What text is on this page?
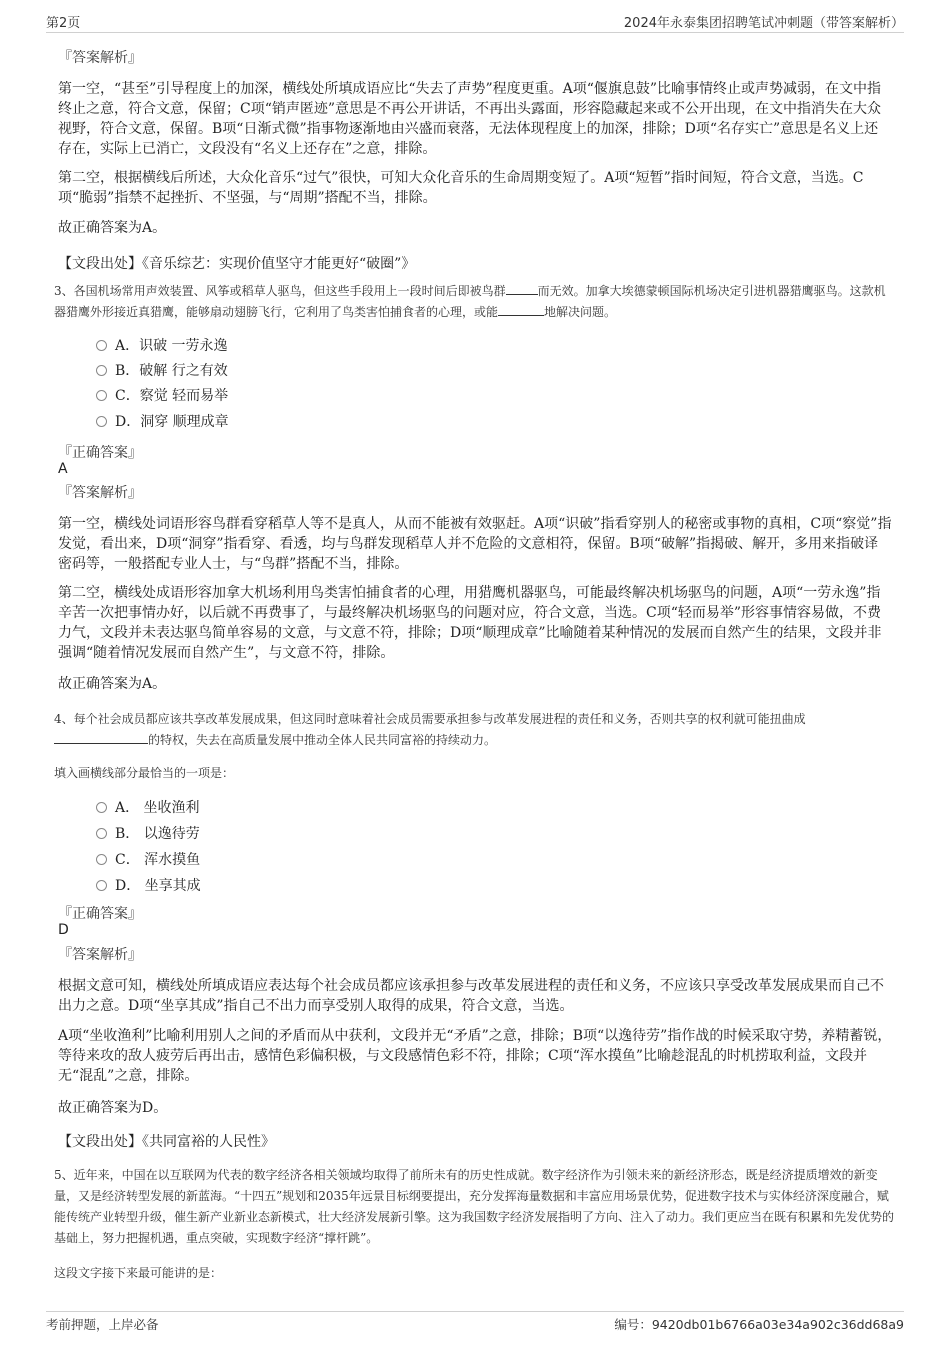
第2页	2024年永泰集团招聘笔试冲刺题（带答案解析）
『答案解析』
第一空，“甚至”引导程度上的加深，横线处所填成语应比“失去了声势”程度更重。A项“偃旗息鼓”比喻事情终止或声势减弱，在文中指终止之意，符合文意，保留；C项“销声匿迹”意思是不再公开讲话，不再出头露面，形容隐藏起来或不公开出现，在文中指消失在大众视野，符合文意，保留。B项“日渐式微”指事物逐渐地由兴盛而衰落，无法体现程度上的加深，排除；D项“名存实亡”意思是名义上还存在，实际上已消亡，文段没有“名义上还存在”之意，排除。
第二空，根据横线后所述，大众化音乐“过气”很快，可知大众化音乐的生命周期变短了。A项“短暂”指时间短，符合文意，当选。C项“脆弱”指禁不起挫折、不坚强，与“周期”搭配不当，排除。
故正确答案为A。
【文段出处】《音乐综艺：实现价值坚守才能更好“破圈”》
3、各国机场常用声效装置、风筝或稻草人驱鸟，但这些手段用上一段时间后即被鸟群	而无效。加拿大埃德蒙顿国际机场决定引进机器猎鹰驱鸟。这款机器猎鹰外形接近真猎鹰，能够扇动翅膀飞行，它利用了鸟类害怕捕食者的心理，或能	地解决问题。
A．识破 一劳永逸
B．破解 行之有效
C．察觉 轻而易举
D．洞穿 顺理成章
『正确答案』
A
『答案解析』
第一空，横线处词语形容鸟群看穿稻草人等不是真人，从而不能被有效驱赶。A项“识破”指看穿别人的秘密或事物的真相，C项“察觉”指发觉，看出来，D项“洞穿”指看穿、看透，均与鸟群发现稻草人并不危险的文意相符，保留。B项“破解”指揭破、解开，多用来指破译密码等，一般搭配专业人士，与“鸟群”搭配不当，排除。
第二空，横线处成语形容加拿大机场利用鸟类害怕捕食者的心理，用猎鹰机器驱鸟，可能最终解决机场驱鸟的问题，A项“一劳永逸”指辛苦一次把事情办好，以后就不再费事了，与最终解决机场驱鸟的问题对应，符合文意，当选。C项“轻而易举”形容事情容易做，不费力气，文段并未表达驱鸟简单容易的文意，与文意不符，排除；D项“顺理成章”比喻随着某种情况的发展而自然产生的结果，文段并非强调“随着情况发展而自然产生”，与文意不符，排除。
故正确答案为A。
4、每个社会成员都应该共享改革发展成果，但这同时意味着社会成员需要承担参与改革发展进程的责任和义务，否则共享的权利就可能扭曲成
的特权，失去在高质量发展中推动全体人民共同富裕的持续动力。
填入画横线部分最恰当的一项是：
A． 坐收渔利
B． 以逸待劳
C． 浑水摸鱼
D． 坐享其成
『正确答案』
D
『答案解析』
根据文意可知，横线处所填成语应表达每个社会成员都应该承担参与改革发展进程的责任和义务，不应该只享受改革发展成果而自己不出力之意。D项“坐享其成”指自己不出力而享受别人取得的成果，符合文意，当选。
A项“坐收渔利”比喻利用别人之间的矛盾而从中获利，文段并无“矛盾”之意，排除；B项“以逸待劳”指作战的时候采取守势，养精蓄锐，等待来攻的敌人疲劳后再出击，感情色彩偏积极，与文段感情色彩不符，排除；C项“浑水摸鱼”比喻趁混乱的时机捞取利益，文段并无“混乱”之意，排除。
故正确答案为D。
【文段出处】《共同富裕的人民性》
5、近年来，中国在以互联网为代表的数字经济各相关领域均取得了前所未有的历史性成就。数字经济作为引领未来的新经济形态，既是经济提质增效的新变量，又是经济转型发展的新蓝海。“十四五”规划和2035年远景目标纲要提出，充分发挥海量数据和丰富应用场景优势，促进数字技术与实体经济深度融合，赋能传统产业转型升级，催生新产业新业态新模式，壮大经济发展新引擎。这为我国数字经济发展指明了方向、注入了动力。我们更应当在既有积累和先发优势的基础上，努力把握机遇，重点突破，实现数字经济“撑杆跳”。
这段文字接下来最可能讲的是：
考前押题，上岸必备	编号：9420db01b6766a03e34a902c36dd68a9
